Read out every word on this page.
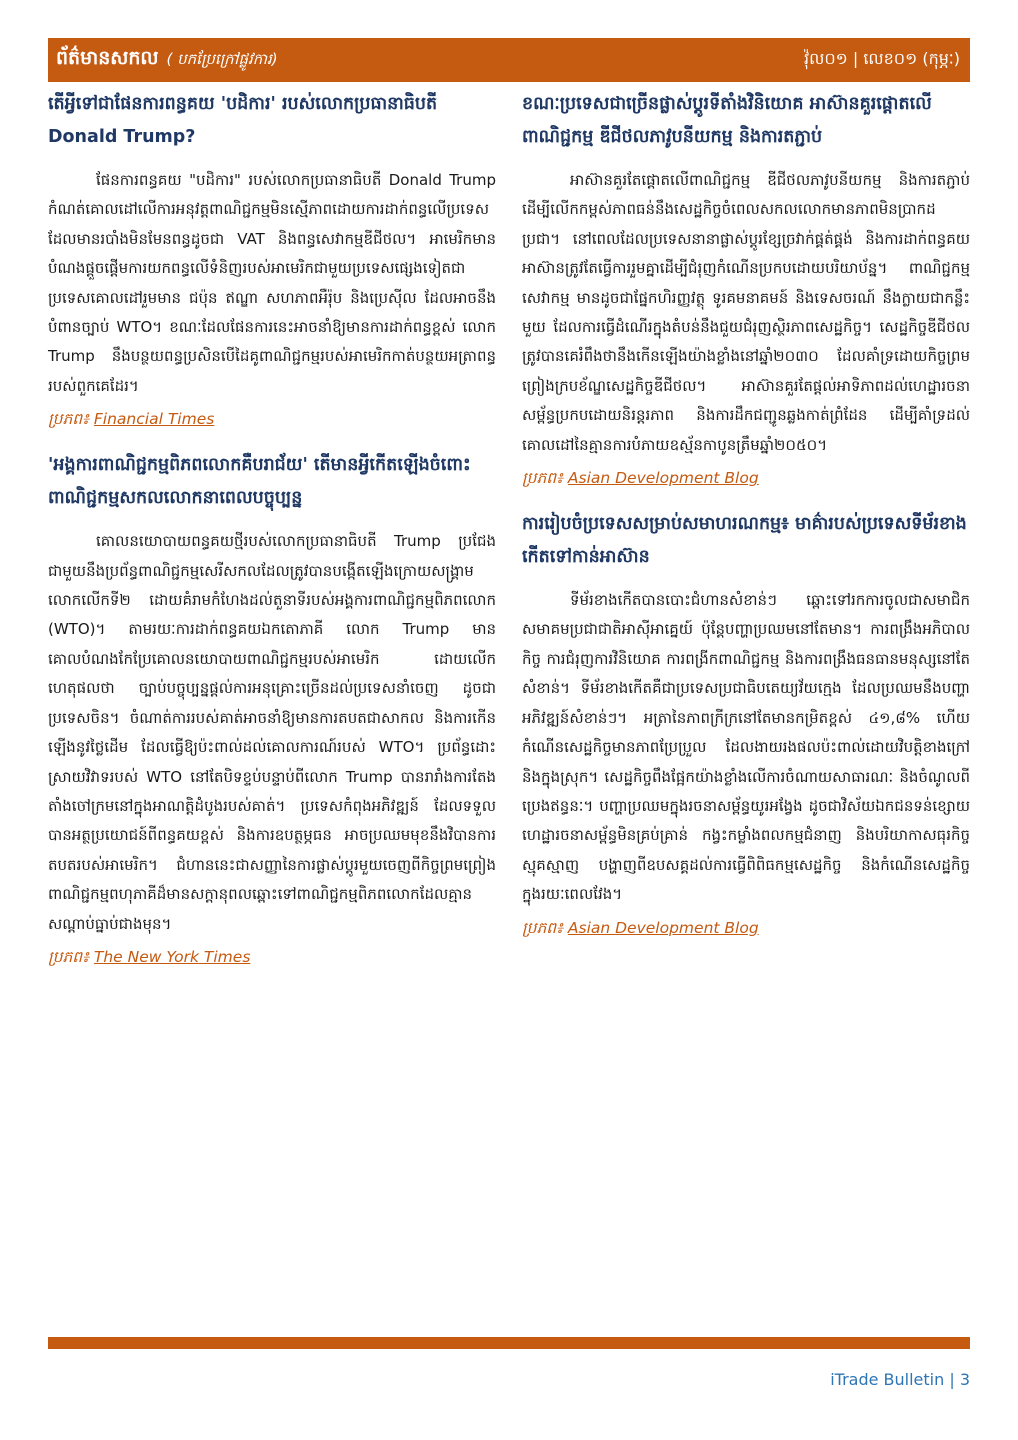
ព័ត៌មានសកល ( បកប្រែក្រៅផ្លូវការ)	វ៉ុល០១ | លេខ០១ (កុម្ភៈ)
តើអ្វីទៅជាផែនការពន្ធគយ 'បដិការ' របស់លោកប្រធានាធិបតី Donald Trump?

ផែនការពន្ធគយ "បដិការ" របស់លោកប្រធានាធិបតី Donald Trump កំណត់គោលដៅលើការអនុវត្តពាណិជ្ជកម្មមិនស្មើភាពដោយការដាក់ពន្ធលើប្រទេសដែលមានរបាំងមិនមែនពន្ធដូចជា VAT និងពន្ធសេវាកម្មឌីជីថល។ អាមេរិកមានបំណងផ្តួចផ្តើមការយកពន្ធលើទំនិញរបស់អាមេរិកជាមួយប្រទេសផ្សេងទៀតជាប្រទេសគោលដៅរួមមាន ជប៉ុន ឥណ្ឌា សហភាពអឺរ៉ុប និងប្រេស៊ីល ដែលអាចនឹងបំពានច្បាប់ WTO។ ខណៈដែលផែនការនេះអាចនាំឱ្យមានការដាក់ពន្ធខ្ពស់ លោក Trump នឹងបន្ថយពន្ធប្រសិនបើដៃគូពាណិជ្ជកម្មរបស់អាមេរិកកាត់បន្ថយអត្រាពន្ធរបស់ពួកគេដែរ។

ប្រភព៖ Financial Times
'អង្គការពាណិជ្ជកម្មពិភពលោកគឺបរាជ័យ' តើមានអ្វីកើតឡើងចំពោះពាណិជ្ជកម្មសកលលោកនាពេលបច្ចុប្បន្ន

គោលនយោបាយពន្ធគយថ្មីរបស់លោកប្រធានាធិបតី Trump ប្រជែងជាមួយនឹងប្រព័ន្ធពាណិជ្ជកម្មសេរីសកលដែលត្រូវបានបង្កើតឡើងក្រោយសង្គ្រាមលោកលើកទី២ ដោយគំរាមកំហែងដល់តួនាទីរបស់អង្គការពាណិជ្ជកម្មពិភពលោក (WTO)។ តាមរយៈការដាក់ពន្ធគយឯកតោភាគី លោក Trump មានគោលបំណងកែប្រែគោលនយោបាយពាណិជ្ជកម្មរបស់អាមេរិក ដោយលើកហេតុផលថា ច្បាប់បច្ចុប្បន្នផ្តល់ការអនុគ្រោះច្រើនដល់ប្រទេសនាំចេញ ដូចជាប្រទេសចិន។ ចំណាត់ការរបស់គាត់អាចនាំឱ្យមានការតបតជាសាកល និងការកើនឡើងនូវថ្លៃដើម ដែលធ្វើឱ្យប៉ះពាល់ដល់គោលការណ៍របស់ WTO។ ប្រព័ន្ធដោះស្រាយវិវាទរបស់ WTO នៅតែបិទខ្ទប់បន្ទាប់ពីលោក Trump បានរារាំងការតែងតាំងចៅក្រមនៅក្នុងអាណត្តិដំបូងរបស់គាត់។ ប្រទេសកំពុងអភិវឌ្ឍន៍ ដែលទទួលបានអត្ថប្រយោជន៍ពីពន្ធគយខ្ពស់ និងការឧបត្ថម្ភធន អាចប្រឈមមុខនឹងវិបានការតបតរបស់អាមេរិក។ ជំហាននេះជាសញ្ញានៃការផ្លាស់ប្តូរមួយចេញពីកិច្ចព្រមព្រៀងពាណិជ្ជកម្មពហុភាគីដ៏មានសក្តានុពលឆ្ពោះទៅពាណិជ្ជកម្មពិភពលោកដែលគ្មានសណ្តាប់ធ្នាប់ជាងមុន។

ប្រភព៖ The New York Times
ខណៈប្រទេសជាច្រើនផ្លាស់ប្តូរទីតាំងវិនិយោគ អាស៊ានគួរផ្តោតលើពាណិជ្ជកម្ម ឌីជីថលភាវូបនីយកម្ម និងការតភ្ជាប់

អាស៊ានគួរតែផ្តោតលើពាណិជ្ជកម្ម ឌីជីថលភាវូបនីយកម្ម និងការតភ្ជាប់ដើម្បីលើកកម្ពស់ភាពធន់នឹងសេដ្ឋកិច្ចចំពេលសកលលោកមានភាពមិនប្រាកដប្រជា។ នៅពេលដែលប្រទេសនានាផ្លាស់ប្តូរខ្សែច្រវាក់ផ្គត់ផ្គង់ និងការដាក់ពន្ធគយ អាស៊ានត្រូវតែធ្វើការរួមគ្នាដើម្បីជំរុញកំណើនប្រកបដោយបរិយាប័ន្ន។ ពាណិជ្ជកម្មសេវាកម្ម មានដូចជាផ្នែកហិរញ្ញវត្ថុ ទូរគមនាគមន៍ និងទេសចរណ៍ នឹងក្លាយជាកន្លឹះមួយ ដែលការធ្វើដំណើរក្នុងតំបន់នឹងជួយជំរុញស្ថិរភាពសេដ្ឋកិច្ច។ សេដ្ឋកិច្ចឌីជីថលត្រូវបានគេរំពឹងថានឹងកើនឡើងយ៉ាងខ្លាំងនៅឆ្នាំ២០៣០ ដែលគាំទ្រដោយកិច្ចព្រមព្រៀងក្របខ័ណ្ឌសេដ្ឋកិច្ចឌីជីថល។ អាស៊ានគួរតែផ្តល់អាទិភាពដល់ហេដ្ឋារចនាសម្ព័ន្ធប្រកបដោយនិរន្តរភាព និងការដឹកជញ្ជូនឆ្លងកាត់ព្រំដែន ដើម្បីគាំទ្រដល់គោលដៅនៃគ្មានការបំភាយឧស្ម័នកាបូនត្រឹមឆ្នាំ២០៥០។

ប្រភព៖ Asian Development Blog
ការរៀបចំប្រទេសសម្រាប់សមាហរណកម្ម៖ មាគ៌ារបស់ប្រទេសទីម័រខាងកើតទៅកាន់អាស៊ាន

ទីម័រខាងកើតបានបោះជំហានសំខាន់ៗ ឆ្ពោះទៅរកការចូលជាសមាជិកសមាគមប្រជាជាតិអាស៊ីអាគ្នេយ៍ ប៉ុន្តែបញ្ហាប្រឈមនៅតែមាន។ ការពង្រឹងអភិបាលកិច្ច ការជំរុញការវិនិយោគ ការពង្រីកពាណិជ្ជកម្ម និងការពង្រឹងធនធានមនុស្សនៅតែសំខាន់។ ទីម័រខាងកើតគឺជាប្រទេសប្រជាធិបតេយ្យវ័យក្មេង ដែលប្រឈមនឹងបញ្ហាអភិវឌ្ឍន៍សំខាន់ៗ។ អត្រានៃភាពក្រីក្រនៅតែមានកម្រិតខ្ពស់ ៤១,៨% ហើយកំណើនសេដ្ឋកិច្ចមានភាពប្រែប្រួល ដែលងាយរងផលប៉ះពាល់ដោយវិបត្តិខាងក្រៅ និងក្នុងស្រុក។ សេដ្ឋកិច្ចពឹងផ្អែកយ៉ាងខ្លាំងលើការចំណាយសាធារណៈ និងចំណូលពីប្រេងឥន្ធនៈ។ បញ្ហាប្រឈមក្នុងរចនាសម្ព័ន្ធយូរអង្វែង ដូចជាវិស័យឯកជនទន់ខ្សោយ ហេដ្ឋារចនាសម្ព័ន្ធមិនគ្រប់គ្រាន់ កង្វះកម្លាំងពលកម្មជំនាញ និងបរិយាកាសធុរកិច្ចស្មុគស្មាញ បង្ហាញពីឧបសគ្គដល់ការធ្វើពិពិធកម្មសេដ្ឋកិច្ច និងកំណើនសេដ្ឋកិច្ចក្នុងរយៈពេលវែង។

ប្រភព៖ Asian Development Blog
iTrade Bulletin | 3
